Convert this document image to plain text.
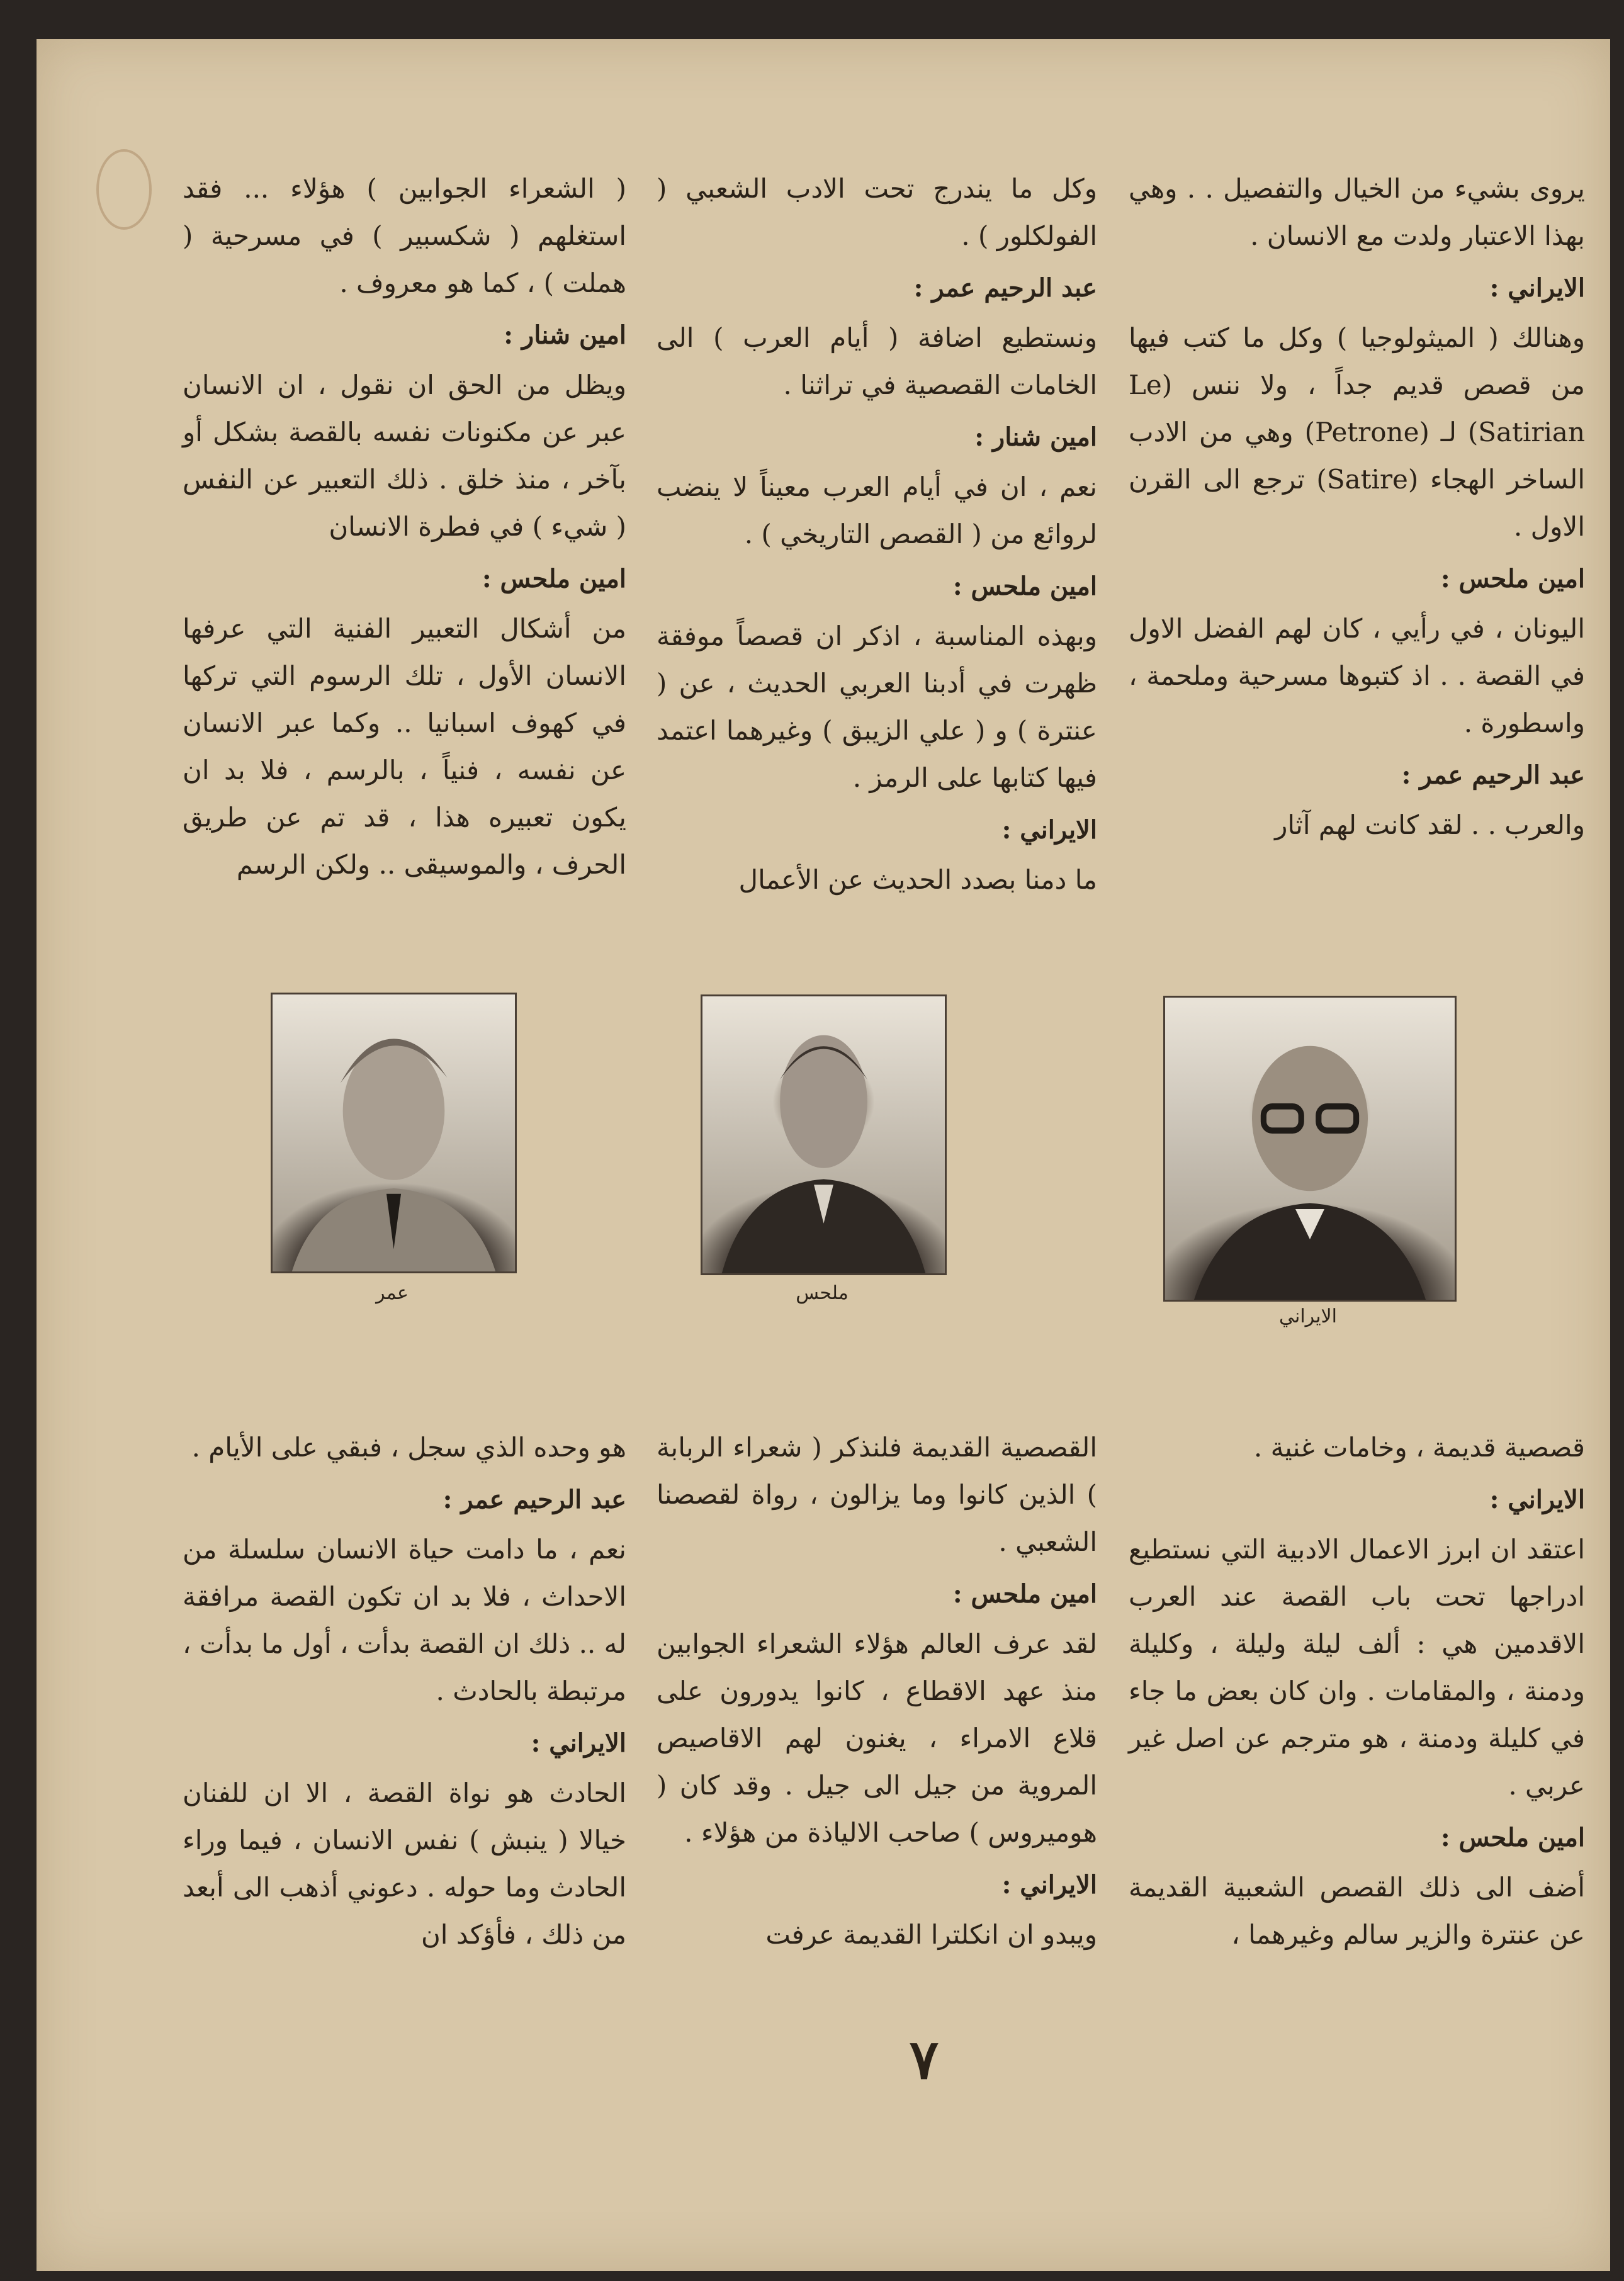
يروى بشيء من الخيال والتفصيل . . وهي بهذا الاعتبار ولدت مع الانسان .

الايراني :

وهنالك ( الميثولوجيا ) وكل ما كتب فيها من قصص قديم جداً ، ولا ننس (Le Satirian) لـ (Petrone) وهي من الادب الساخر الهجاء (Satire) ترجع الى القرن الاول .

امين ملحس :

اليونان ، في رأيي ، كان لهم الفضل الاول في القصة . . اذ كتبوها مسرحية وملحمة ، واسطورة .

عبد الرحيم عمر :

والعرب . . لقد كانت لهم آثار

وكل ما يندرج تحت الادب الشعبي ( الفولكلور ) .

عبد الرحيم عمر :

ونستطيع اضافة ( أيام العرب ) الى الخامات القصصية في تراثنا .

امين شنار :

نعم ، ان في أيام العرب معيناً لا ينضب لروائع من ( القصص التاريخي ) .

امين ملحس :

وبهذه المناسبة ، اذكر ان قصصاً موفقة ظهرت في أدبنا العربي الحديث ، عن ( عنترة ) و ( علي الزيبق ) وغيرهما اعتمد فيها كتابها على الرمز .

الايراني :

ما دمنا بصدد الحديث عن الأعمال

( الشعراء الجوابين ) هؤلاء ... فقد استغلهم ( شكسبير ) في مسرحية ( هملت ) ، كما هو معروف .

امين شنار :

ويظل من الحق ان نقول ، ان الانسان عبر عن مكنونات نفسه بالقصة بشكل أو بآخر ، منذ خلق . ذلك التعبير عن النفس ( شيء ) في فطرة الانسان

امين ملحس :

من أشكال التعبير الفنية التي عرفها الانسان الأول ، تلك الرسوم التي تركها في كهوف اسبانيا .. وكما عبر الانسان عن نفسه ، فنياً ، بالرسم ، فلا بد ان يكون تعبيره هذا ، قد تم عن طريق الحرف ، والموسيقى .. ولكن الرسم

الايراني
ملحس
عمر

قصصية قديمة ، وخامات غنية .

الايراني :

اعتقد ان ابرز الاعمال الادبية التي نستطيع ادراجها تحت باب القصة عند العرب الاقدمين هي : ألف ليلة وليلة ، وكليلة ودمنة ، والمقامات . وان كان بعض ما جاء في كليلة ودمنة ، هو مترجم عن اصل غير عربي .

امين ملحس :

أضف الى ذلك القصص الشعبية القديمة عن عنترة والزير سالم وغيرهما ،

القصصية القديمة فلنذكر ( شعراء الربابة ) الذين كانوا وما يزالون ، رواة لقصصنا الشعبي .

امين ملحس :

لقد عرف العالم هؤلاء الشعراء الجوابين منذ عهد الاقطاع ، كانوا يدورون على قلاع الامراء ، يغنون لهم الاقاصيص المروية من جيل الى جيل . وقد كان ( هوميروس ) صاحب الالياذة من هؤلاء .

الايراني :

ويبدو ان انكلترا القديمة عرفت

هو وحده الذي سجل ، فبقي على الأيام .

عبد الرحيم عمر :

نعم ، ما دامت حياة الانسان سلسلة من الاحداث ، فلا بد ان تكون القصة مرافقة له .. ذلك ان القصة بدأت ، أول ما بدأت ، مرتبطة بالحادث .

الايراني :

الحادث هو نواة القصة ، الا ان للفنان خيالا ( ينبش ) نفس الانسان ، فيما وراء الحادث وما حوله . دعوني أذهب الى أبعد من ذلك ، فأؤكد ان

٧
